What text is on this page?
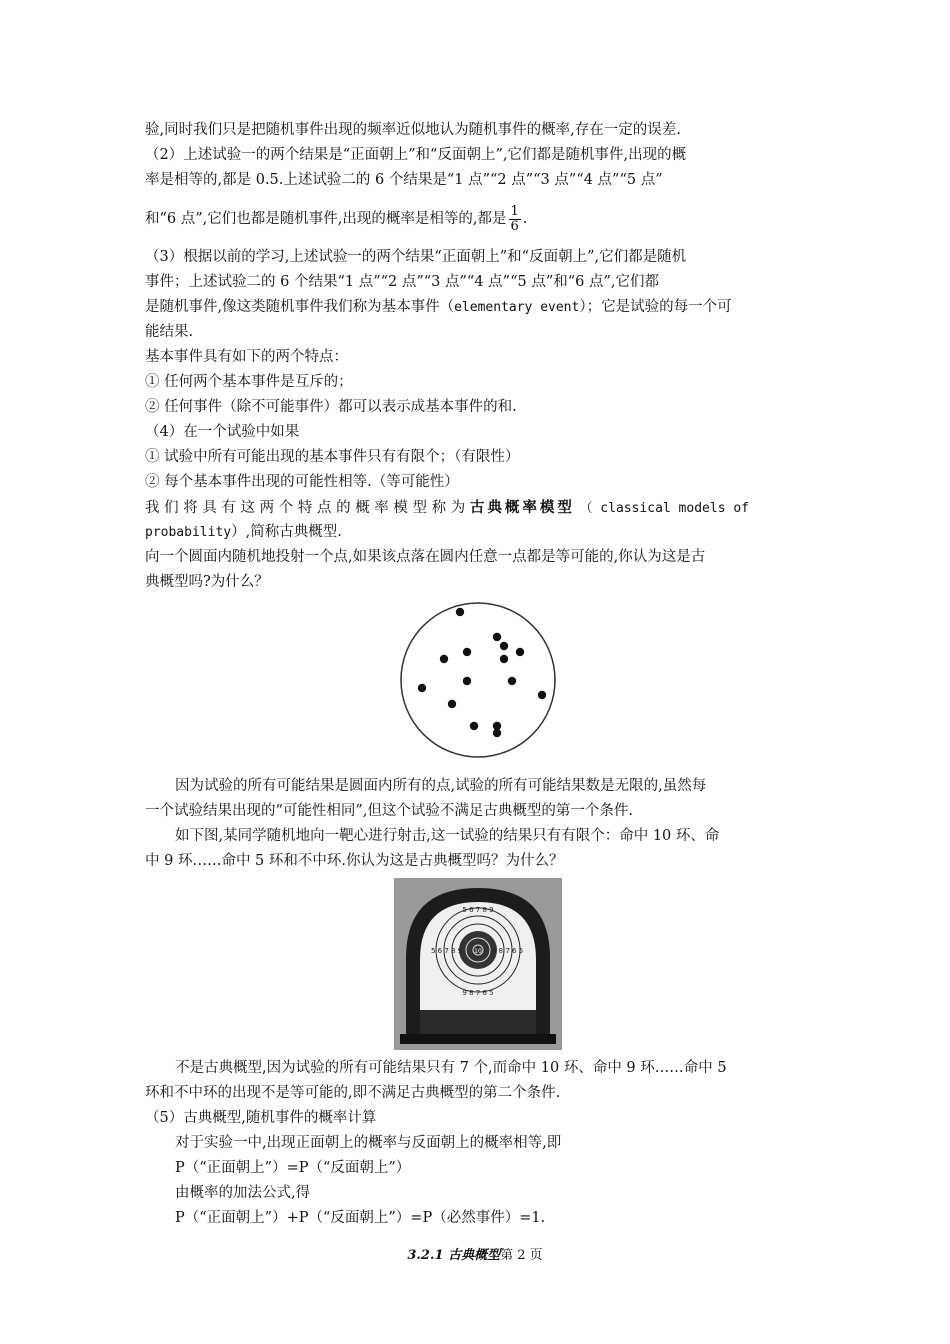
验,同时我们只是把随机事件出现的频率近似地认为随机事件的概率,存在一定的误差.
（2）上述试验一的两个结果是“正面朝上”和“反面朝上”,它们都是随机事件,出现的概
率是相等的,都是 0.5.上述试验二的 6 个结果是“1 点”“2 点”“3 点”“4 点”“5 点”
和“6 点”,它们也都是随机事件,出现的概率是相等的,都是 $\frac{1}{6}$ .
（3）根据以前的学习,上述试验一的两个结果“正面朝上”和“反面朝上”,它们都是随机
事件；上述试验二的 6 个结果“1 点”“2 点”“3 点”“4 点”“5 点”和“6 点”,它们都
是随机事件,像这类随机事件我们称为基本事件（elementary event）；它是试验的每一个可
能结果.
基本事件具有如下的两个特点：
① 任何两个基本事件是互斥的；
② 任何事件（除不可能事件）都可以表示成基本事件的和.
（4）在一个试验中如果
① 试验中所有可能出现的基本事件只有有限个；（有限性）
② 每个基本事件出现的可能性相等.（等可能性）
我 们 将 具 有 这 两 个 特 点 的 概 率 模 型 称 为 古典概率模型 （ classical models of
probability）,简称古典概型.
向一个圆面内随机地投射一个点,如果该点落在圆内任意一点都是等可能的,你认为这是古
典概型吗?为什么？
因为试验的所有可能结果是圆面内所有的点,试验的所有可能结果数是无限的,虽然每
一个试验结果出现的“可能性相同”,但这个试验不满足古典概型的第一个条件.
如下图,某同学随机地向一靶心进行射击,这一试验的结果只有有限个：命中 10 环、命
中 9 环……命中 5 环和不中环.你认为这是古典概型吗？为什么？
10
5 6 7 8 9	9 8 7 6 5
5 6 7 8 9
9 8 7 6 5
不是古典概型,因为试验的所有可能结果只有 7 个,而命中 10 环、命中 9 环……命中 5
环和不中环的出现不是等可能的,即不满足古典概型的第二个条件.
（5）古典概型,随机事件的概率计算
对于实验一中,出现正面朝上的概率与反面朝上的概率相等,即
P（“正面朝上”）=P（“反面朝上”）
由概率的加法公式,得
P（“正面朝上”）+P（“反面朝上”）=P（必然事件）=1.
3.2.1 古典概型第 2 页
